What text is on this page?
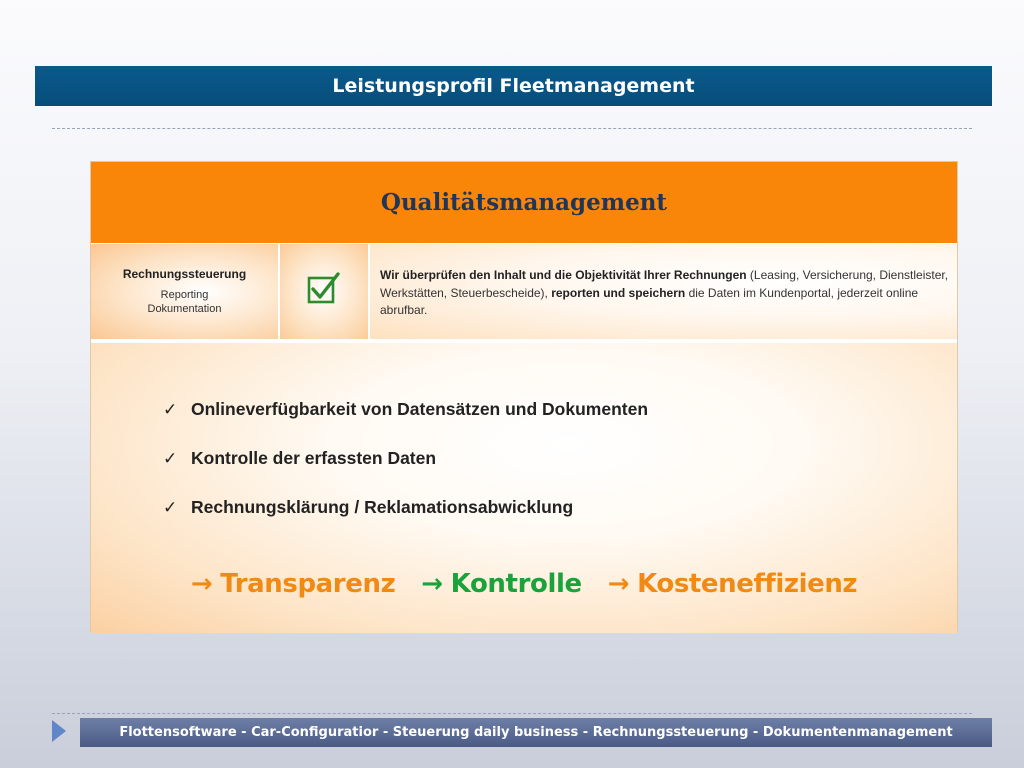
Leistungsprofil Fleetmanagement
Qualitätsmanagement
Rechnungssteuerung
Reporting
Dokumentation
Wir überprüfen den Inhalt und die Objektivität Ihrer Rechnungen (Leasing, Versicherung, Dienstleister, Werkstätten, Steuerbescheide), reporten und speichern die Daten im Kundenportal, jederzeit online abrufbar.
✓ Onlineverfügbarkeit von Datensätzen und Dokumenten
✓ Kontrolle der erfassten Daten
✓ Rechnungsklärung / Reklamationsabwicklung
→ Transparenz → Kontrolle → Kosteneffizienz
Flottensoftware - Car-Configuratior - Steuerung daily business - Rechnungssteuerung - Dokumentenmanagement
